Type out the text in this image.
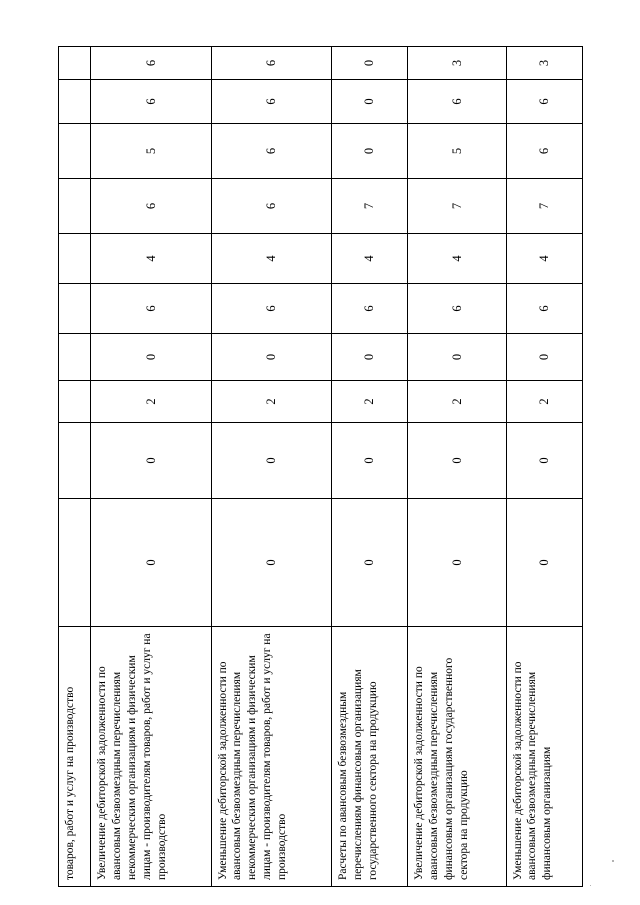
товаров, работ и услуг на производство										
Увеличение дебиторской задолженности по авансовым безвозмездным перечислениям некоммерческим организациям и физическим лицам - производителям товаров, работ и услуг на производство	0	0	2	0	6	4	6	5	6	6
Уменьшение дебиторской задолженности по авансовым безвозмездным перечислениям некоммерческим организациям и физическим лицам - производителям товаров, работ и услуг на производство	0	0	2	0	6	4	6	6	6	6
Расчеты по авансовым безвозмездным перечислениям финансовым организациям государственного сектора на продукцию	0	0	2	0	6	4	7	0	0	0
Увеличение дебиторской задолженности по авансовым безвозмездным перечислениям финансовым организациям государственного сектора на продукцию	0	0	2	0	6	4	7	5	6	3
Уменьшение дебиторской задолженности по авансовым безвозмездным перечислениям финансовым организациям	0	0	2	0	6	4	7	6	6	3
